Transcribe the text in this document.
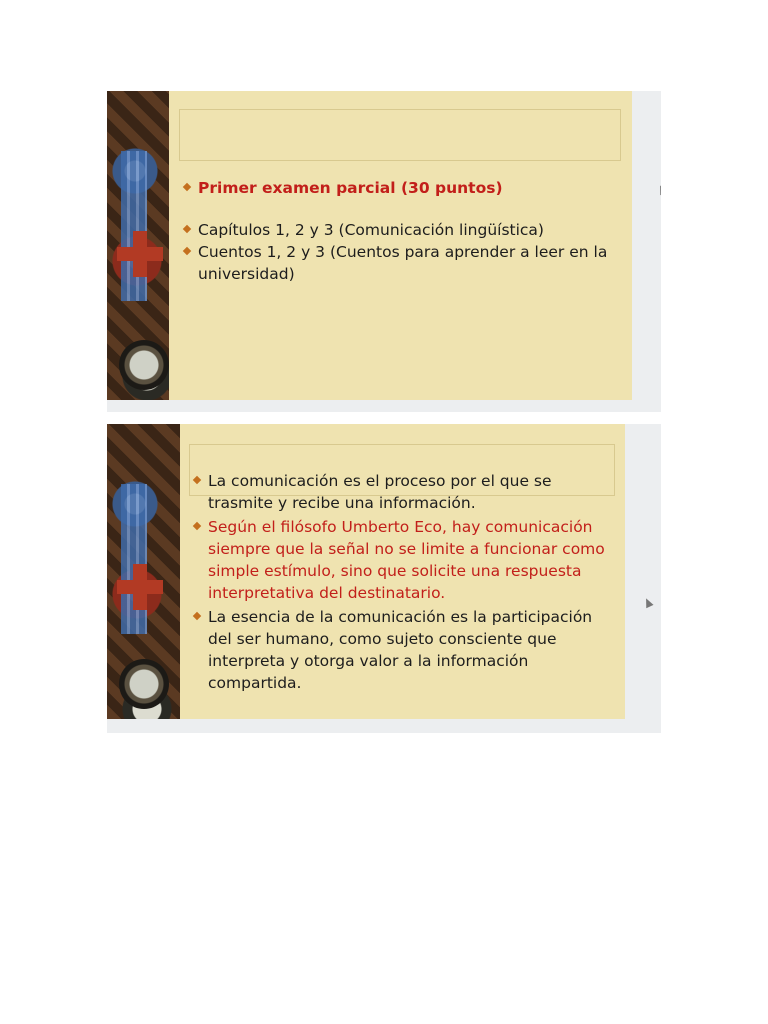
Primer examen parcial (30 puntos)
Capítulos 1, 2 y 3 (Comunicación lingüística)
Cuentos 1, 2 y 3 (Cuentos para aprender a leer en la universidad)
La comunicación es el proceso por el que se trasmite y recibe una información.
Según el filósofo Umberto Eco, hay comunicación siempre que la señal no se limite a funcionar como simple estímulo, sino que solicite una respuesta interpretativa del destinatario.
La esencia de la comunicación es la participación del ser humano, como sujeto consciente que interpreta y otorga valor a la información compartida.
